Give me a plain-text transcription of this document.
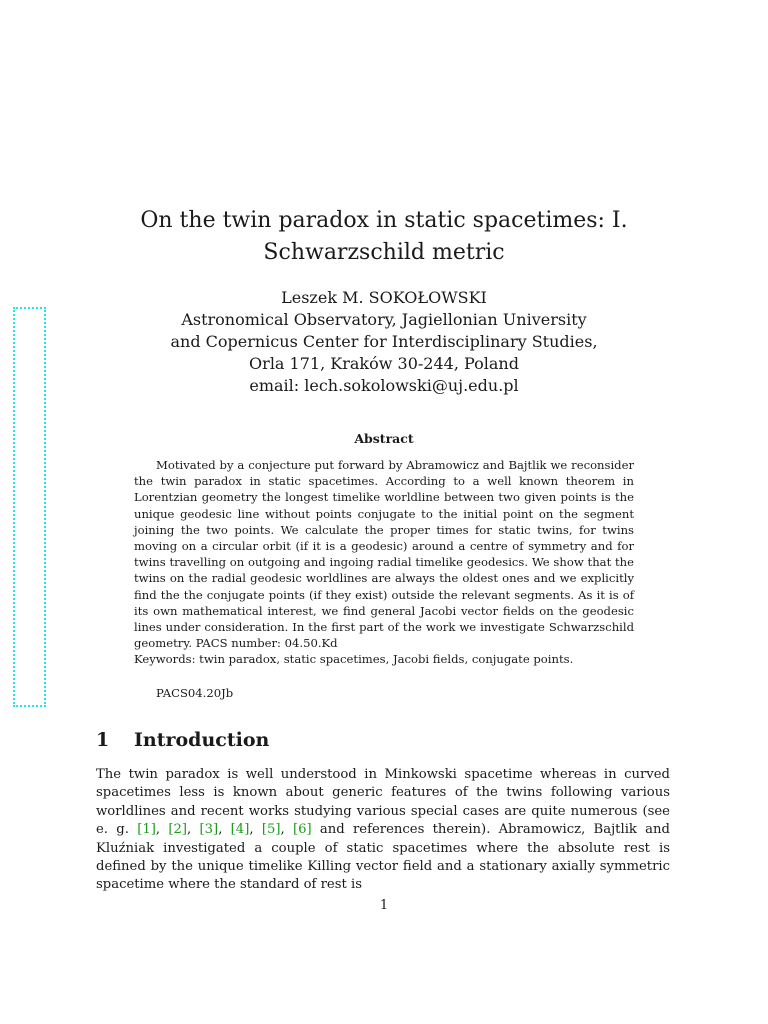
On the twin paradox in static spacetimes: I.
Schwarzschild metric
Leszek M. SOKOŁOWSKI
Astronomical Observatory, Jagiellonian University
and Copernicus Center for Interdisciplinary Studies,
Orla 171, Kraków 30-244, Poland
email: lech.sokolowski@uj.edu.pl
Abstract

Motivated by a conjecture put forward by Abramowicz and Bajtlik we reconsider the twin paradox in static spacetimes. According to a well known theorem in Lorentzian geometry the longest timelike worldline between two given points is the unique geodesic line without points conjugate to the initial point on the segment joining the two points. We calculate the proper times for static twins, for twins moving on a circular orbit (if it is a geodesic) around a centre of symmetry and for twins travelling on outgoing and ingoing radial timelike geodesics. We show that the twins on the radial geodesic worldlines are always the oldest ones and we explicitly find the the conjugate points (if they exist) outside the relevant segments. As it is of its own mathematical interest, we find general Jacobi vector fields on the geodesic lines under consideration. In the first part of the work we investigate Schwarzschild geometry. PACS number: 04.50.Kd

Keywords: twin paradox, static spacetimes, Jacobi fields, conjugate points.

PACS04.20Jb
1 Introduction

The twin paradox is well understood in Minkowski spacetime whereas in curved spacetimes less is known about generic features of the twins following various worldlines and recent works studying various special cases are quite numerous (see e. g. [1], [2], [3], [4], [5], [6] and references therein). Abramowicz, Bajtlik and Kluźniak investigated a couple of static spacetimes where the absolute rest is defined by the unique timelike Killing vector field and a stationary axially symmetric spacetime where the standard of rest is

1
